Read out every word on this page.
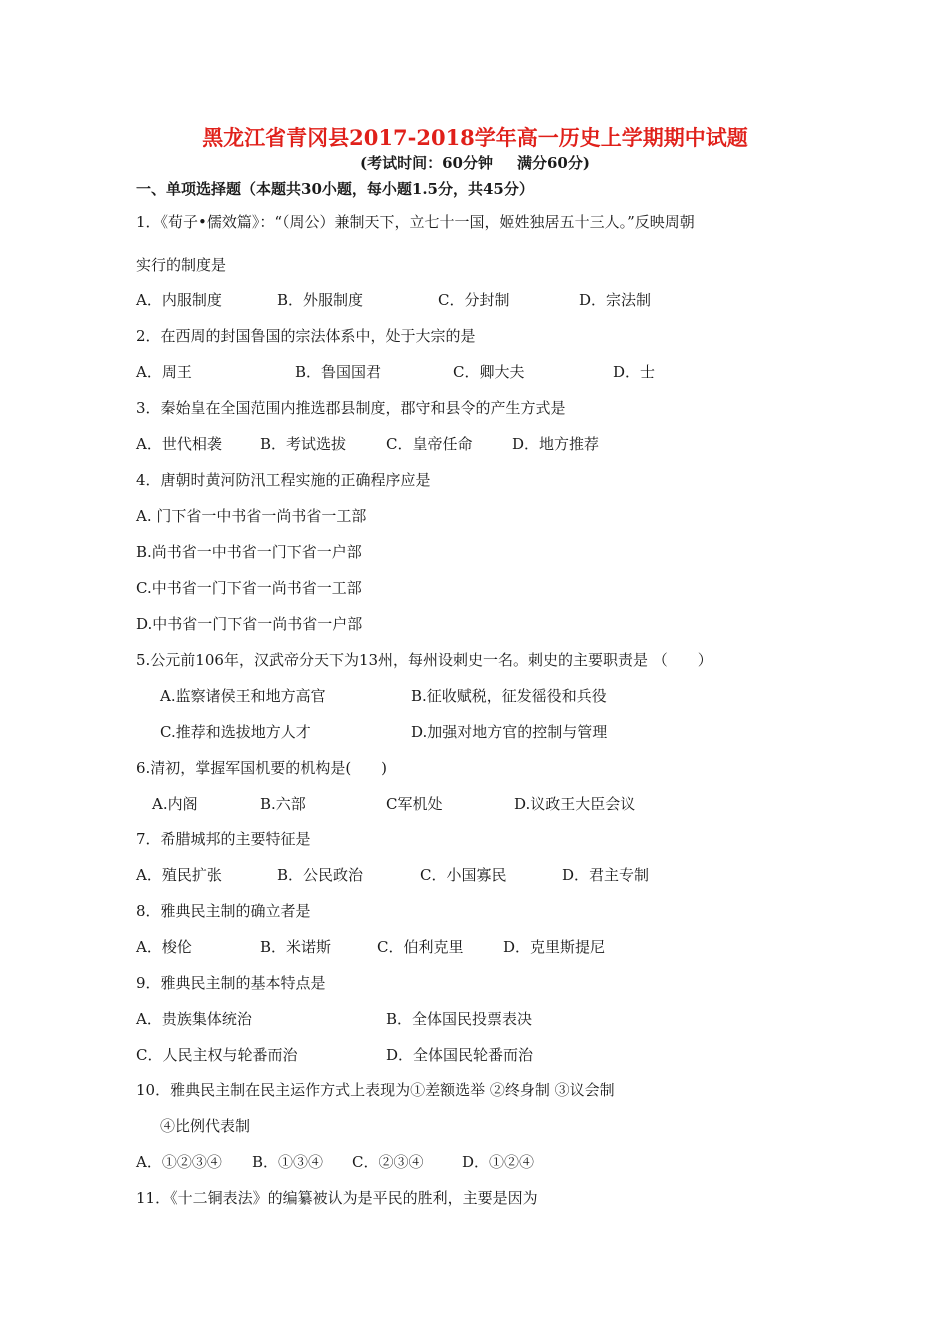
黑龙江省青冈县2017-2018学年高一历史上学期期中试题
(考试时间：60分钟 满分60分)
一、单项选择题（本题共30小题，每小题1.5分，共45分）
1．《荀子•儒效篇》：“（周公）兼制天下，立七十一国，姬姓独居五十三人。”反映周朝
实行的制度是
A．内服制度	B．外服制度	C．分封制	D．宗法制
2．在西周的封国鲁国的宗法体系中，处于大宗的是
A．周王	B．鲁国国君	C．卿大夫	D．士
3．秦始皇在全国范围内推选郡县制度，郡守和县令的产生方式是
A．世代相袭	B．考试选拔	C．皇帝任命	D．地方推荐
4．唐朝时黄河防汛工程实施的正确程序应是
A. 门下省一中书省一尚书省一工部
B.尚书省一中书省一门下省一户部
C.中书省一门下省一尚书省一工部
D.中书省一门下省一尚书省一户部
5.公元前106年，汉武帝分天下为13州，每州设刺史一名。刺史的主要职责是 （　　）
A.监察诸侯王和地方高官	B.征收赋税，征发徭役和兵役
C.推荐和选拔地方人才	D.加强对地方官的控制与管理
6.清初，掌握军国机要的机构是(　　)
A.内阁	B.六部	C军机处	D.议政王大臣会议
7．希腊城邦的主要特征是
A．殖民扩张	B．公民政治	C．小国寡民	D．君主专制
8．雅典民主制的确立者是
A．梭伦	B．米诺斯	C．伯利克里	D．克里斯提尼
9．雅典民主制的基本特点是
A．贵族集体统治	B．全体国民投票表决
C．人民主权与轮番而治	D．全体国民轮番而治
10．雅典民主制在民主运作方式上表现为①差额选举 ②终身制 ③议会制
④比例代表制
A．①②③④ B．①③④ C．②③④	D．①②④
11．《十二铜表法》的编纂被认为是平民的胜利，主要是因为
